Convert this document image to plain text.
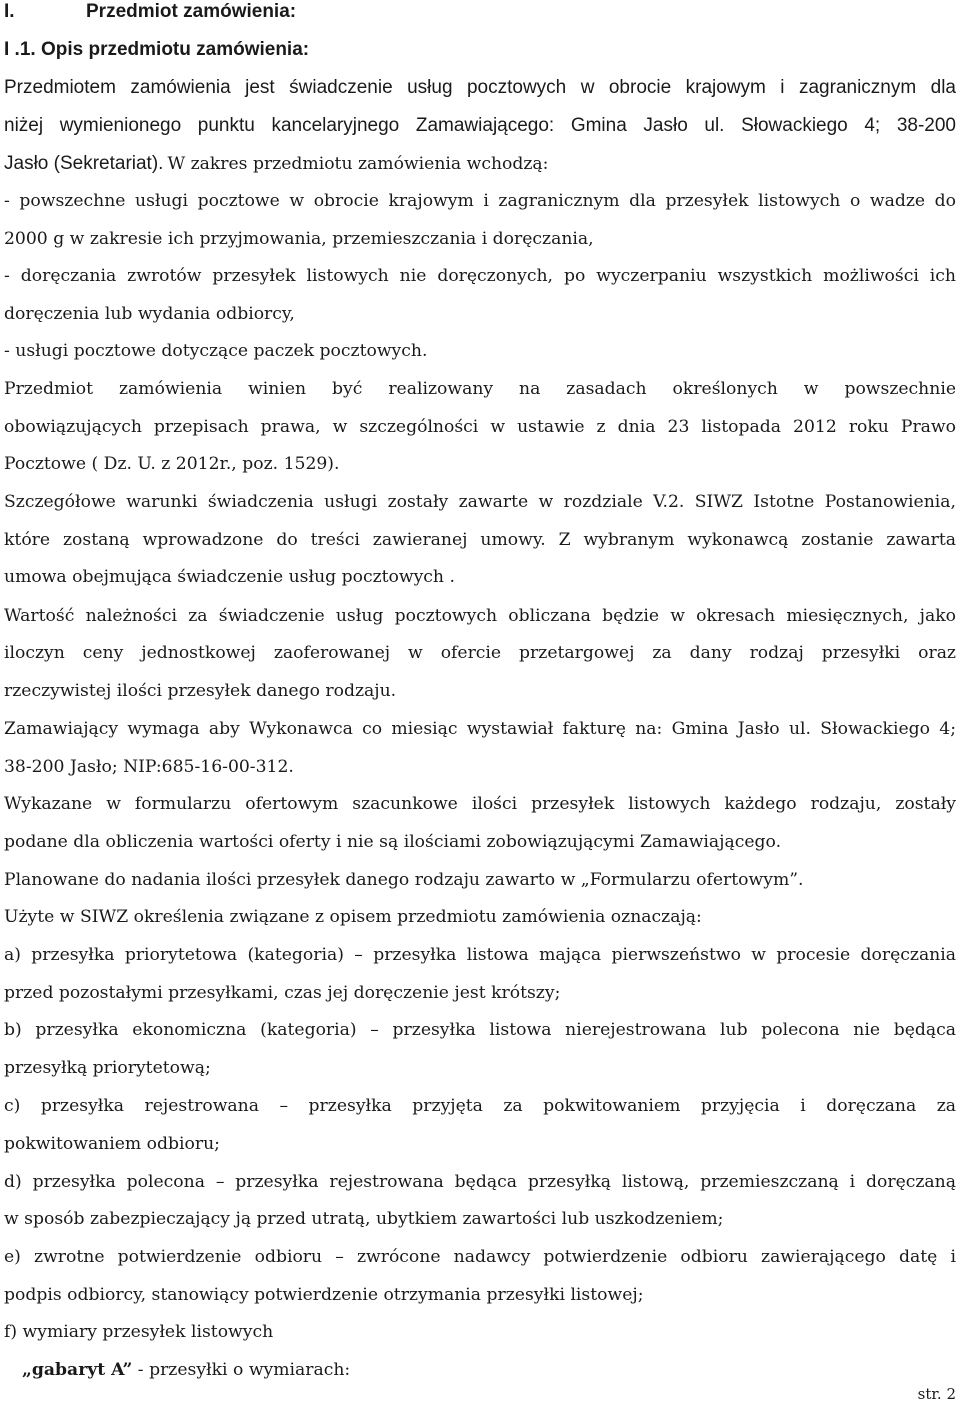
I.	Przedmiot zamówienia:
I .1. Opis przedmiotu zamówienia:
Przedmiotem zamówienia jest świadczenie usług pocztowych w obrocie krajowym i zagranicznym dla
niżej wymienionego punktu kancelaryjnego Zamawiającego: Gmina Jasło ul. Słowackiego 4; 38-200
Jasło (Sekretariat). W zakres przedmiotu zamówienia wchodzą:
- powszechne usługi pocztowe w obrocie krajowym i zagranicznym dla przesyłek listowych o wadze do
2000 g w zakresie ich przyjmowania, przemieszczania i doręczania,
- doręczania zwrotów przesyłek listowych nie doręczonych, po wyczerpaniu wszystkich możliwości ich
doręczenia lub wydania odbiorcy,
- usługi pocztowe dotyczące paczek pocztowych.
Przedmiot zamówienia winien być realizowany na zasadach określonych w powszechnie
obowiązujących przepisach prawa, w szczególności w ustawie z dnia 23 listopada 2012 roku Prawo
Pocztowe ( Dz. U. z 2012r., poz. 1529).
Szczegółowe warunki świadczenia usługi zostały zawarte w rozdziale V.2. SIWZ Istotne Postanowienia,
które zostaną wprowadzone do treści zawieranej umowy. Z wybranym wykonawcą zostanie zawarta
umowa obejmująca świadczenie usług pocztowych .
Wartość należności za świadczenie usług pocztowych obliczana będzie w okresach miesięcznych, jako
iloczyn ceny jednostkowej zaoferowanej w ofercie przetargowej za dany rodzaj przesyłki oraz
rzeczywistej ilości przesyłek danego rodzaju.
Zamawiający wymaga aby Wykonawca co miesiąc wystawiał fakturę na: Gmina Jasło ul. Słowackiego 4;
38-200 Jasło; NIP:685-16-00-312.
Wykazane w formularzu ofertowym szacunkowe ilości przesyłek listowych każdego rodzaju, zostały
podane dla obliczenia wartości oferty i nie są ilościami zobowiązującymi Zamawiającego.
Planowane do nadania ilości przesyłek danego rodzaju zawarto w „Formularzu ofertowym”.
Użyte w SIWZ określenia związane z opisem przedmiotu zamówienia oznaczają:
a) przesyłka priorytetowa (kategoria) – przesyłka listowa mająca pierwszeństwo w procesie doręczania
przed pozostałymi przesyłkami, czas jej doręczenie jest krótszy;
b) przesyłka ekonomiczna (kategoria) – przesyłka listowa nierejestrowana lub polecona nie będąca
przesyłką priorytetową;
c) przesyłka rejestrowana – przesyłka przyjęta za pokwitowaniem przyjęcia i doręczana za
pokwitowaniem odbioru;
d) przesyłka polecona – przesyłka rejestrowana będąca przesyłką listową, przemieszczaną i doręczaną
w sposób zabezpieczający ją przed utratą, ubytkiem zawartości lub uszkodzeniem;
e) zwrotne potwierdzenie odbioru – zwrócone nadawcy potwierdzenie odbioru zawierającego datę i
podpis odbiorcy, stanowiący potwierdzenie otrzymania przesyłki listowej;
f) wymiary przesyłek listowych
„gabaryt A” - przesyłki o wymiarach:
str. 2
